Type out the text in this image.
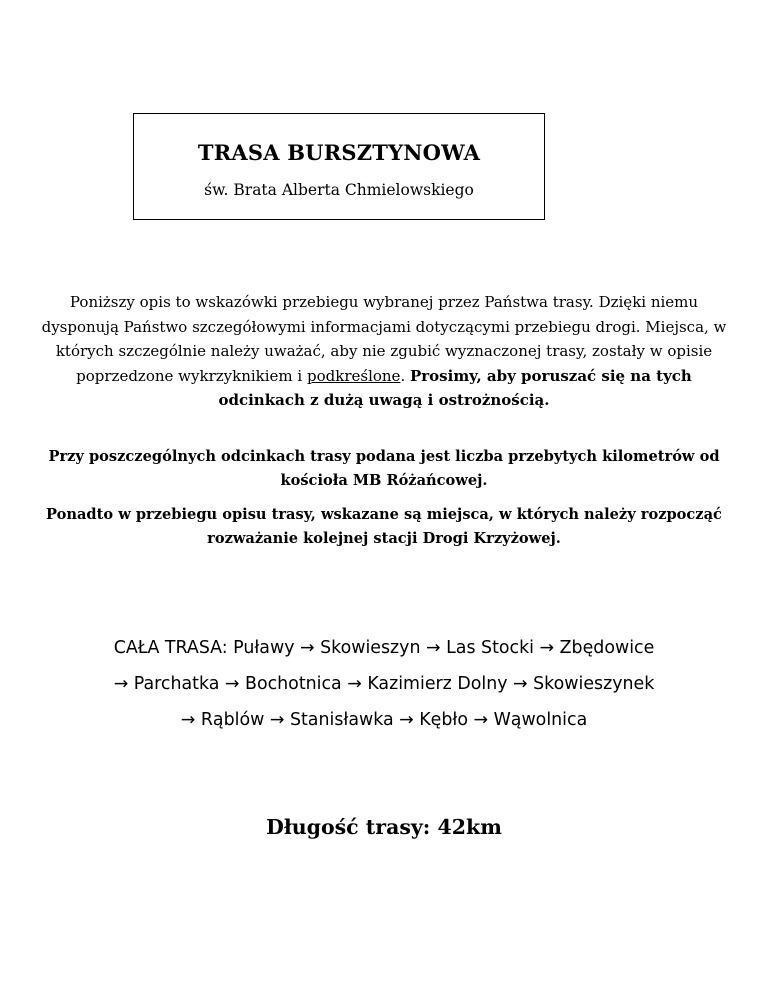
TRASA BURSZTYNOWA
św. Brata Alberta Chmielowskiego
Poniższy opis to wskazówki przebiegu wybranej przez Państwa trasy. Dzięki niemu dysponują Państwo szczegółowymi informacjami dotyczącymi przebiegu drogi. Miejsca, w których szczególnie należy uważać, aby nie zgubić wyznaczonej trasy, zostały w opisie poprzedzone wykrzyknikiem i podkreślone. Prosimy, aby poruszać się na tych odcinkach z dużą uwagą i ostrożnością.
Przy poszczególnych odcinkach trasy podana jest liczba przebytych kilometrów od kościoła MB Różańcowej.
Ponadto w przebiegu opisu trasy, wskazane są miejsca, w których należy rozpocząć rozważanie kolejnej stacji Drogi Krzyżowej.
CAŁA TRASA: Puławy → Skowieszyn → Las Stocki → Zbędowice
→ Parchatka → Bochotnica → Kazimierz Dolny → Skowieszynek
→ Rąblów → Stanisławka → Kębło → Wąwolnica
Długość trasy: 42km
